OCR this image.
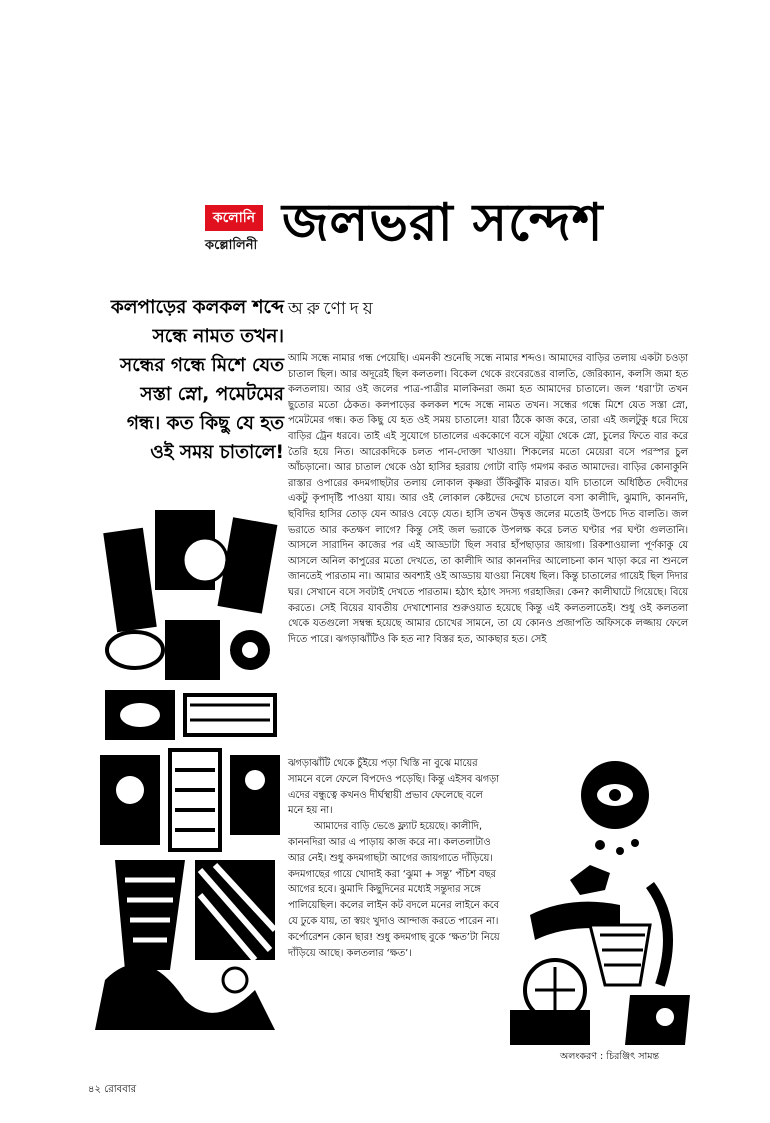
কলোনি
কল্লোলিনী জলভরা সন্দেশ
কলপাড়ের কলকল শব্দে সন্ধে নামত তখন। সন্ধের গন্ধে মিশে যেত সস্তা স্নো, পমেটমের গন্ধ। কত কিছু যে হত ওই সময় চাতালে!
অরুণোদয়

আমি সন্ধে নামার গন্ধ পেয়েছি। এমনকী শুনেছি সন্ধে নামার শব্দও। আমাদের বাড়ির তলায় একটা চওড়া চাতাল ছিল। আর অদূরেই ছিল কলতলা। বিকেল থেকে রংবেরঙের বালতি, জেরিক্যান, কলসি জমা হত কলতলায়। আর ওই জলের পাত্র-পাত্রীর মালকিনরা জমা হত আমাদের চাতালে। জল ‘ধরা’টা তখন ছুতোর মতো ঠেকত। কলপাড়ের কলকল শব্দে সন্ধে নামত তখন। সন্ধের গন্ধে মিশে যেত সস্তা স্নো, পমেটমের গন্ধ। কত কিছু যে হত ওই সময় চাতালে! যারা ঠিকে কাজ করে, তারা এই জলটুকু ধরে দিয়ে বাড়ির ট্রেন ধরবে। তাই এই সুযোগে চাতালের এককোণে বসে বটুয়া থেকে স্নো, চুলের ফিতে বার করে তৈরি হয়ে নিত। আরেকদিকে চলত পান-দোক্তা খাওয়া। শিকলের মতো মেয়েরা বসে পরস্পর চুল আঁচড়ানো। আর চাতাল থেকে ওঠা হাসির হররায় গোটা বাড়ি গমগম করত আমাদের। বাড়ির কোনাকুনি রাস্তার ওপারের কদমগাছটার তলায় লোকাল কৃষ্ণরা উঁকিঝুঁকি মারত। যদি চাতালে অধিষ্ঠিত দেবীদের একটু কৃপাদৃষ্টি পাওয়া যায়। আর ওই লোকাল কেষ্টদের দেখে চাতালে বসা কালীদি, ঝুমাদি, কাননদি, ছবিদির হাসির তোড় যেন আরও বেড়ে যেত। হাসি তখন উদ্বৃত্ত জলের মতোই উপচে দিত বালতি। জল ভরাতে আর কতক্ষণ লাগে? কিন্তু সেই জল ভরাকে উপলক্ষ করে চলত ঘণ্টার পর ঘণ্টা গুলতানি। আসলে সারাদিন কাজের পর এই আড্ডাটা ছিল সবার হাঁপছাড়ার জায়গা। রিকশাওয়ালা পূর্ণকাকু যে আসলে অনিল কাপুরের মতো দেখতে, তা কালীদি আর কাননদির আলোচনা কান খাড়া করে না শুনলে জানতেই পারতাম না। আমার অবশ্যই ওই আড্ডায় যাওয়া নিষেধ ছিল। কিন্তু চাতালের গায়েই ছিল দিদার ঘর। সেখানে বসে সবটাই দেখতে পারতাম। হঠাৎ হঠাৎ সদস্য গরহাজির। কেন? কালীঘাটে গিয়েছে। বিয়ে করতে। সেই বিয়ের যাবতীয় দেখাশোনার শুরুওয়াত হয়েছে কিন্তু এই কলতলাতেই। শুধু ওই কলতলা থেকে যতগুলো সম্বন্ধ হয়েছে আমার চোখের সামনে, তা যে কোনও প্রজাপতি অফিসকে লজ্জায় ফেলে দিতে পারে। ঝগড়াঝাঁটিও কি হত না? বিস্তর হত, আকছার হত। সেই

ঝগড়াঝাঁটি থেকে চুঁইয়ে পড়া খিস্তি না বুঝে মায়ের সামনে বলে ফেলে বিপদেও পড়েছি। কিন্তু এইসব ঝগড়া এদের বন্ধুত্বে কখনও দীর্ঘস্থায়ী প্রভাব ফেলেছে বলে মনে হয় না।

আমাদের বাড়ি ভেঙে ফ্ল্যাট হয়েছে। কালীদি, কাননদিরা আর এ পাড়ায় কাজ করে না। কলতলাটাও আর নেই। শুধু কদমগাছটা আগের জায়গাতে দাঁড়িয়ে। কদমগাছের গায়ে খোদাই করা ‘ঝুমা + সন্তু’ পঁচিশ বছর আগের হবে। ঝুমাদি কিছুদিনের মধ্যেই সন্তুদার সঙ্গে পালিয়েছিল। কলের লাইন কট বদলে মনের লাইনে কবে যে ঢুকে যায়, তা স্বয়ং খুদাও আন্দাজ করতে পারেন না। কর্পোরেশন কোন ছার! শুধু কদমগাছ বুকে ‘ক্ষত’টা নিয়ে দাঁড়িয়ে আছে। কলতলার ‘ক্ষত’।

অলংকরণ : চিরঞ্জিৎ সামন্ত
৪২ রোববার
